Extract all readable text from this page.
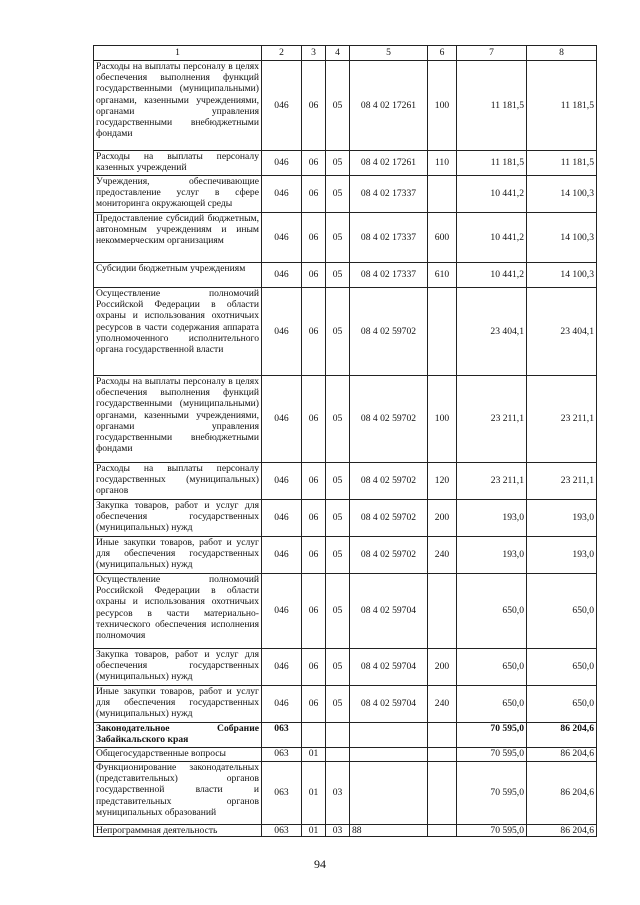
1	2	3	4	5	6	7	8
Расходы на выплаты персоналу в целях обеспечения выполнения функций государственными (муниципальными) органами, казенными учреждениями, органами управления государственными внебюджетными фондами	046	06	05	08 4 02 17261	100	11 181,5	11 181,5
Расходы на выплаты персоналу казенных учреждений	046	06	05	08 4 02 17261	110	11 181,5	11 181,5
Учреждения, обеспечивающие предоставление услуг в сфере мониторинга окружающей среды	046	06	05	08 4 02 17337		10 441,2	14 100,3
Предоставление субсидий бюджетным, автономным учреждениям и иным некоммерческим организациям	046	06	05	08 4 02 17337	600	10 441,2	14 100,3
Субсидии бюджетным учреждениям	046	06	05	08 4 02 17337	610	10 441,2	14 100,3
Осуществление полномочий Российской Федерации в области охраны и использования охотничьих ресурсов в части содержания аппарата уполномоченного исполнительного органа государственной власти	046	06	05	08 4 02 59702		23 404,1	23 404,1
Расходы на выплаты персоналу в целях обеспечения выполнения функций государственными (муниципальными) органами, казенными учреждениями, органами управления государственными внебюджетными фондами	046	06	05	08 4 02 59702	100	23 211,1	23 211,1
Расходы на выплаты персоналу государственных (муниципальных) органов	046	06	05	08 4 02 59702	120	23 211,1	23 211,1
Закупка товаров, работ и услуг для обеспечения государственных (муниципальных) нужд	046	06	05	08 4 02 59702	200	193,0	193,0
Иные закупки товаров, работ и услуг для обеспечения государственных (муниципальных) нужд	046	06	05	08 4 02 59702	240	193,0	193,0
Осуществление полномочий Российской Федерации в области охраны и использования охотничьих ресурсов в части материально-технического обеспечения исполнения полномочия	046	06	05	08 4 02 59704		650,0	650,0
Закупка товаров, работ и услуг для обеспечения государственных (муниципальных) нужд	046	06	05	08 4 02 59704	200	650,0	650,0
Иные закупки товаров, работ и услуг для обеспечения государственных (муниципальных) нужд	046	06	05	08 4 02 59704	240	650,0	650,0
Законодательное Собрание Забайкальского края	063					70 595,0	86 204,6
Общегосударственные вопросы	063	01				70 595,0	86 204,6
Функционирование законодательных (представительных) органов государственной власти и представительных органов муниципальных образований	063	01	03			70 595,0	86 204,6
Непрограммная деятельность	063	01	03	88		70 595,0	86 204,6
94
